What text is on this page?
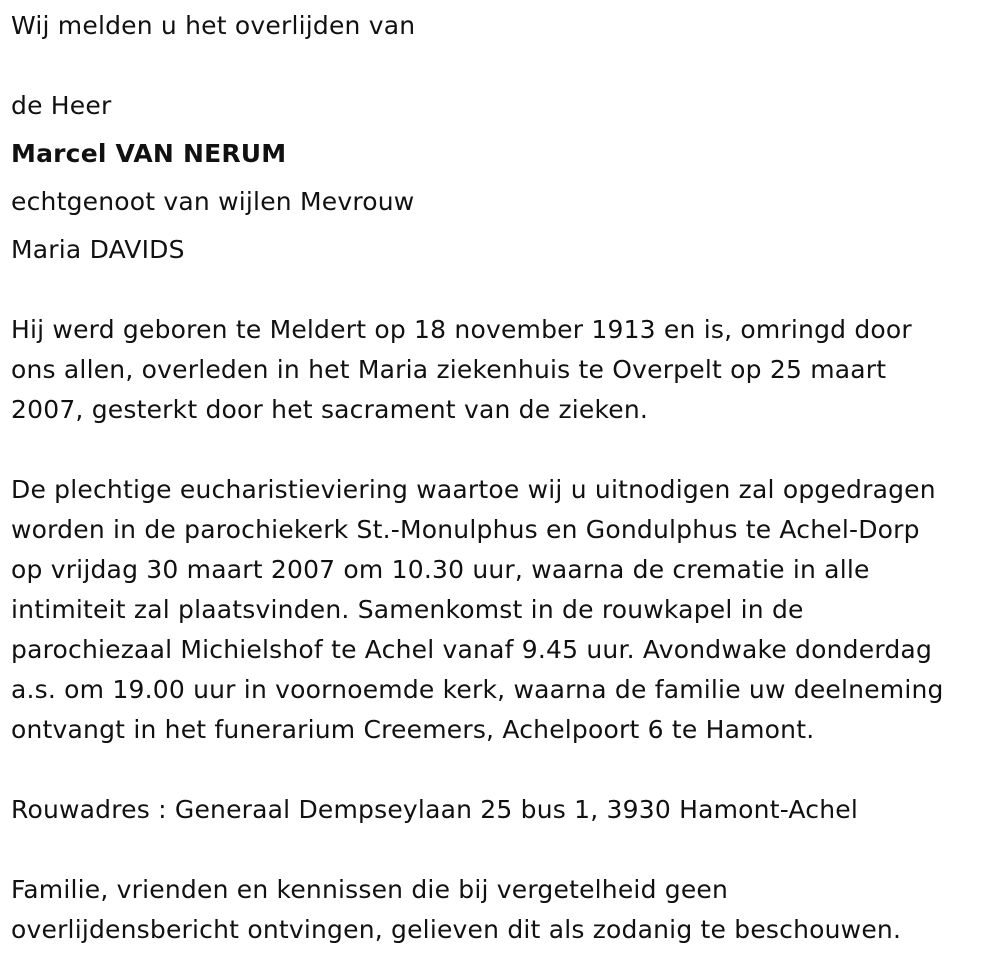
Wij melden u het overlijden van
de Heer
Marcel VAN NERUM
echtgenoot van wijlen Mevrouw
Maria DAVIDS
Hij werd geboren te Meldert op 18 november 1913 en is, omringd door
ons allen, overleden in het Maria ziekenhuis te Overpelt op 25 maart
2007, gesterkt door het sacrament van de zieken.
De plechtige eucharistieviering waartoe wij u uitnodigen zal opgedragen
worden in de parochiekerk St.-Monulphus en Gondulphus te Achel-Dorp
op vrijdag 30 maart 2007 om 10.30 uur, waarna de crematie in alle
intimiteit zal plaatsvinden. Samenkomst in de rouwkapel in de
parochiezaal Michielshof te Achel vanaf 9.45 uur. Avondwake donderdag
a.s. om 19.00 uur in voornoemde kerk, waarna de familie uw deelneming
ontvangt in het funerarium Creemers, Achelpoort 6 te Hamont.
Rouwadres : Generaal Dempseylaan 25 bus 1, 3930 Hamont-Achel
Familie, vrienden en kennissen die bij vergetelheid geen
overlijdensbericht ontvingen, gelieven dit als zodanig te beschouwen.
